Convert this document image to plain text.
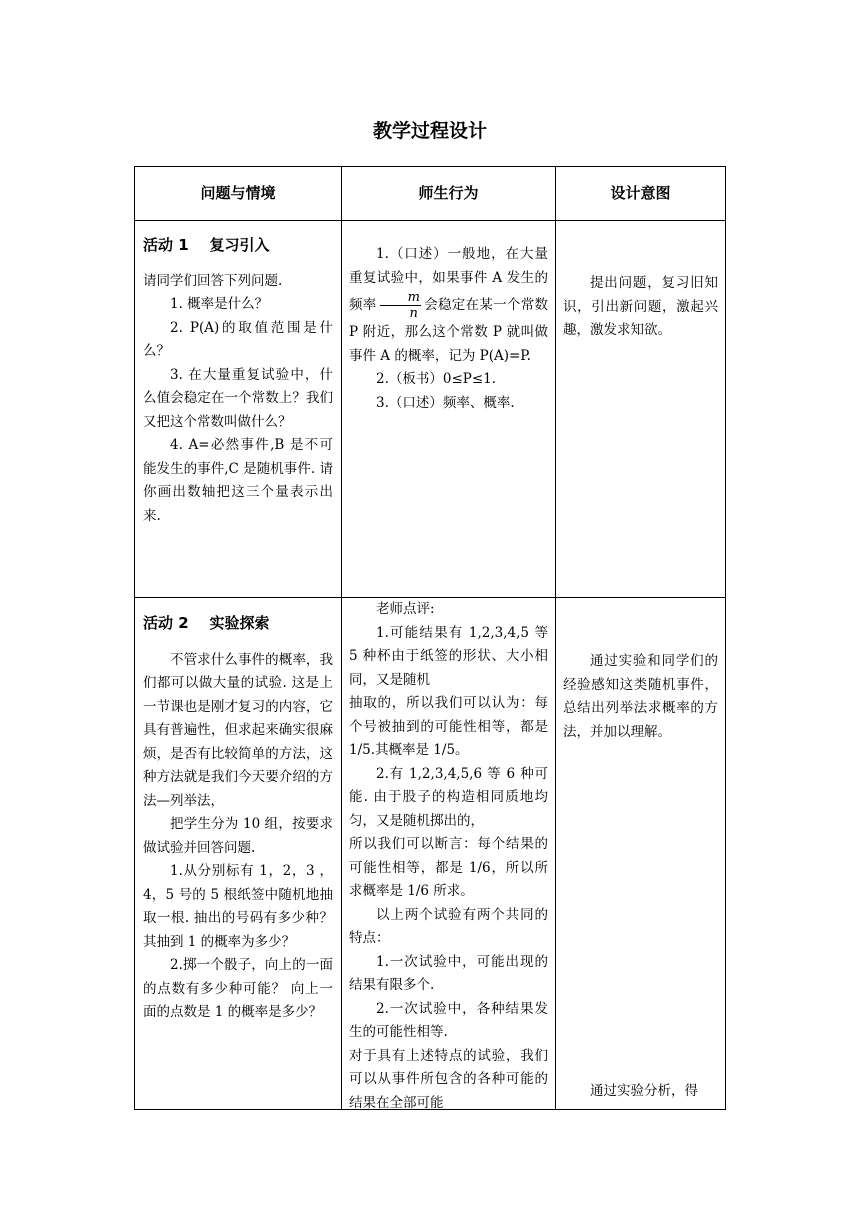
教学过程设计
问题与情境	师生行为	设计意图

活动 1    复习引入

请同学们回答下列问题.

1. 概率是什么？

2. P(A)的取值范围是什么？

3. 在大量重复试验中，什么值会稳定在一个常数上？我们又把这个常数叫做什么？

4. A=必然事件,B 是不可能发生的事件,C 是随机事件. 请你画出数轴把这三个量表示出来.

1.（口述）一般地，在大量重复试验中，如果事件 A 发生的频率 $\frac{m}{n}$ 会稳定在某一个常数 P 附近，那么这个常数 P 就叫做事件 A 的概率，记为 P(A)=P.

2.（板书）0≤P≤1.

3.（口述）频率、概率.

提出问题，复习旧知识，引出新问题，激起兴趣，激发求知欲。

活动 2    实验探索

不管求什么事件的概率，我们都可以做大量的试验. 这是上一节课也是刚才复习的内容，它具有普遍性，但求起来确实很麻烦，是否有比较简单的方法，这种方法就是我们今天要介绍的方法—列举法，

把学生分为 10 组，按要求做试验并回答问题.

1.从分别标有 1，2，3 ，4，5 号的 5 根纸签中随机地抽取一根. 抽出的号码有多少种？ 其抽到 1 的概率为多少？

2.掷一个骰子，向上的一面的点数有多少种可能？ 向上一面的点数是 1 的概率是多少？

老师点评:

1.可能结果有 1,2,3,4,5 等 5 种杯由于纸签的形状、大小相同，又是随机

抽取的，所以我们可以认为：每个号被抽到的可能性相等，都是 1/5.其概率是 1/5。

2.有 1,2,3,4,5,6 等 6 种可能. 由于股子的构造相同质地均匀，又是随机掷出的，

所以我们可以断言：每个结果的可能性相等，都是 1/6，所以所求概率是 1/6 所求。

以上两个试验有两个共同的特点：

1.一次试验中，可能出现的结果有限多个.

2.一次试验中，各种结果发生的可能性相等.

对于具有上述特点的试验，我们可以从事件所包含的各种可能的结果在全部可能

通过实验和同学们的经验感知这类随机事件，总结出列举法求概率的方法，并加以理解。

通过实验分析，得
